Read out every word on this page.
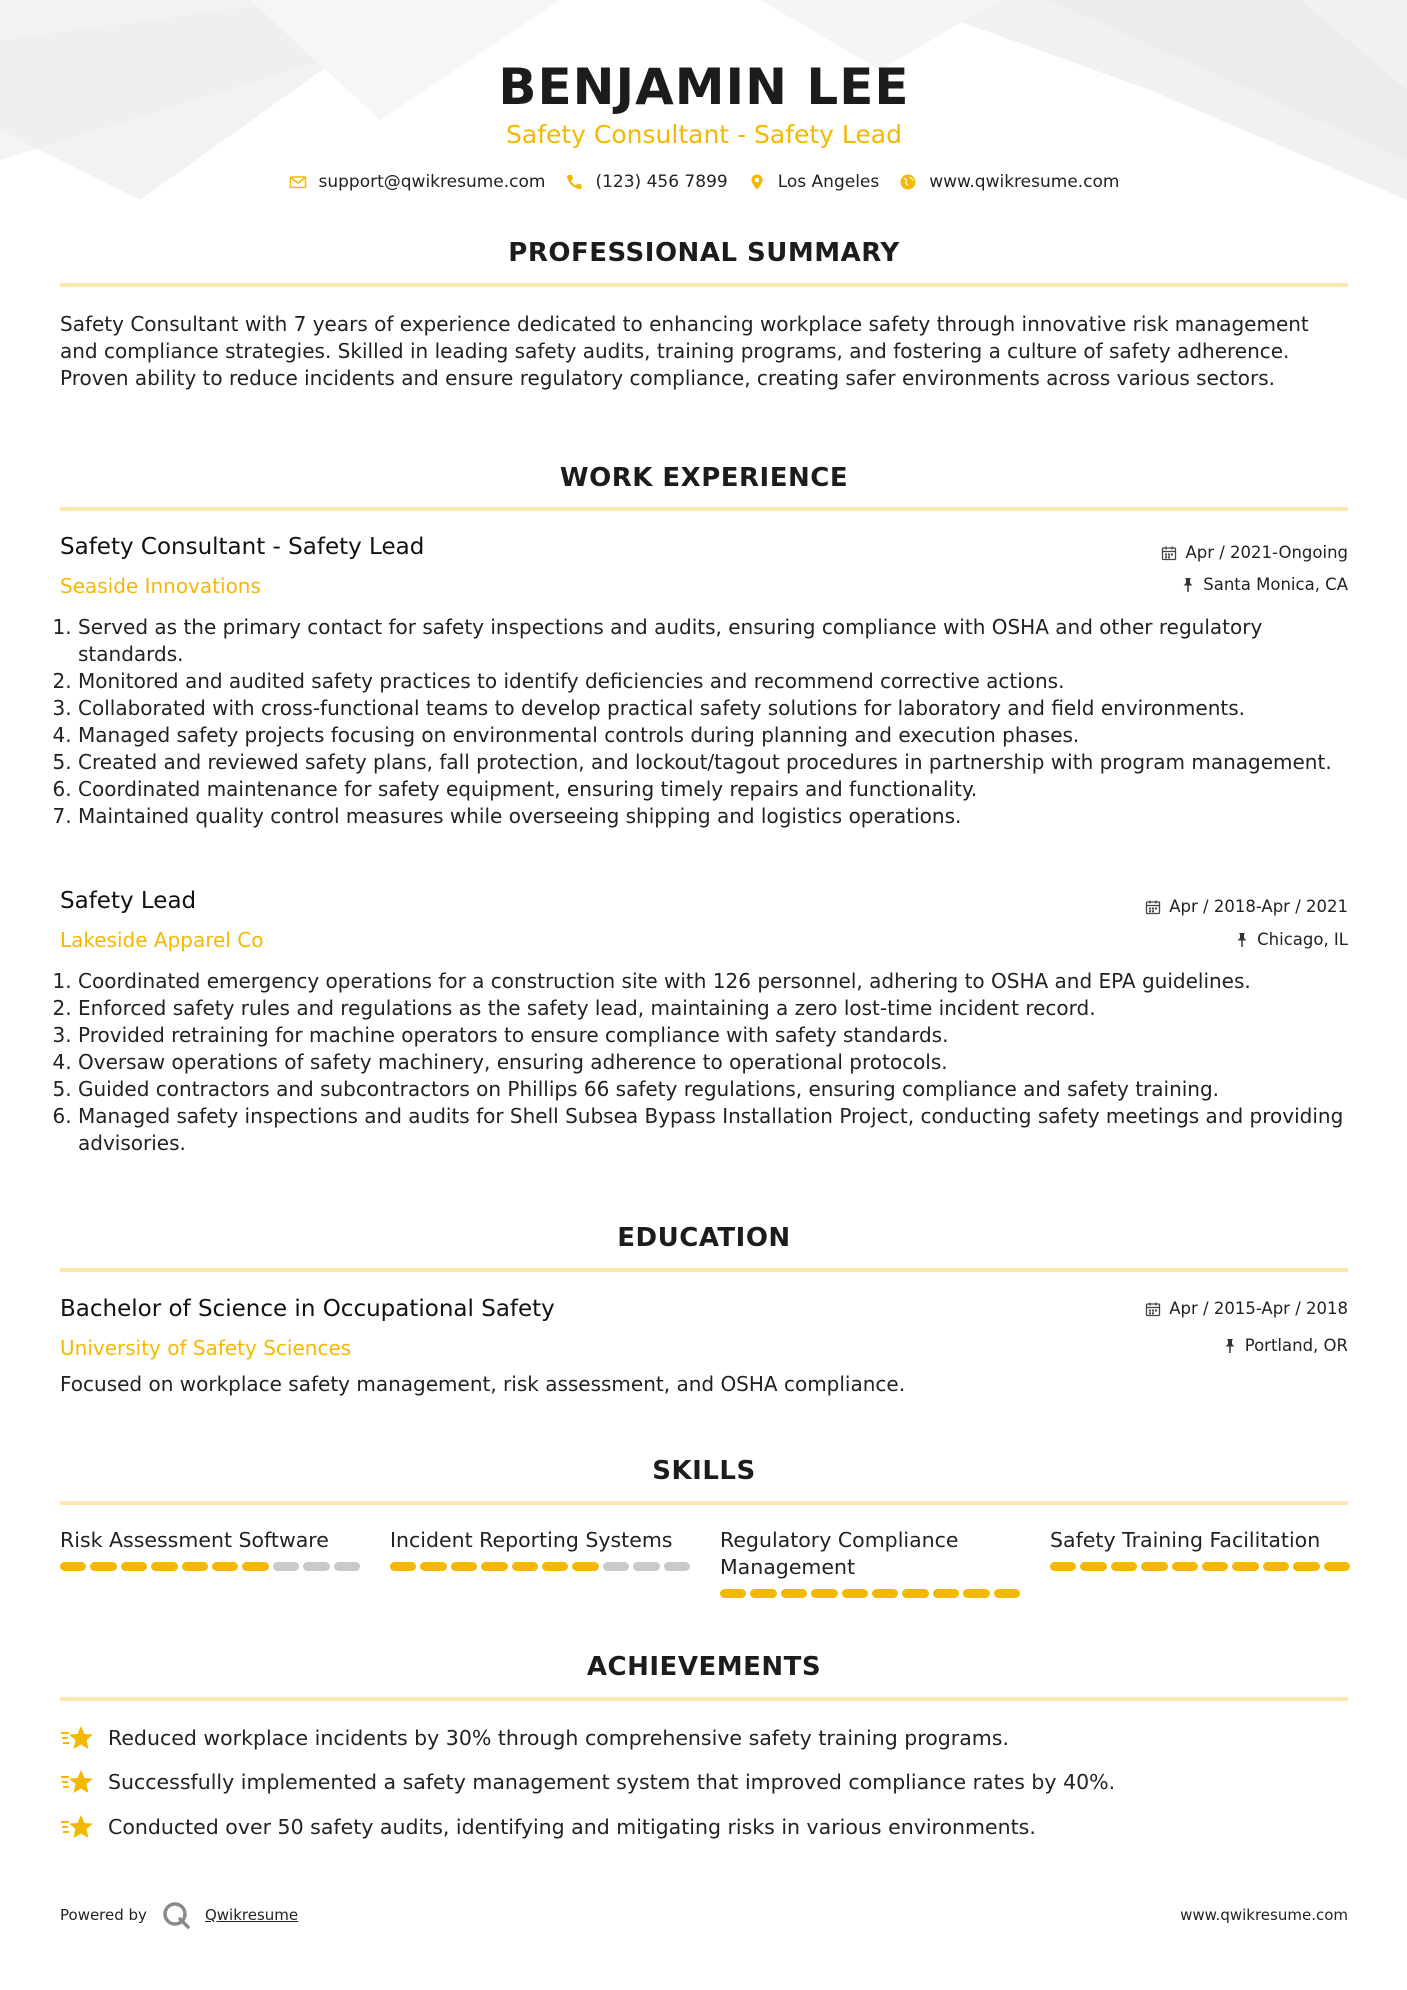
BENJAMIN LEE
Safety Consultant - Safety Lead
support@qwikresume.com	(123) 456 7899	Los Angeles	www.qwikresume.com
PROFESSIONAL SUMMARY
Safety Consultant with 7 years of experience dedicated to enhancing workplace safety through innovative risk management and compliance strategies. Skilled in leading safety audits, training programs, and fostering a culture of safety adherence. Proven ability to reduce incidents and ensure regulatory compliance, creating safer environments across various sectors.
WORK EXPERIENCE
Safety Consultant - Safety Lead
Seaside Innovations
Apr / 2021-Ongoing
Santa Monica, CA
1. Served as the primary contact for safety inspections and audits, ensuring compliance with OSHA and other regulatory standards.
2. Monitored and audited safety practices to identify deficiencies and recommend corrective actions.
3. Collaborated with cross-functional teams to develop practical safety solutions for laboratory and field environments.
4. Managed safety projects focusing on environmental controls during planning and execution phases.
5. Created and reviewed safety plans, fall protection, and lockout/tagout procedures in partnership with program management.
6. Coordinated maintenance for safety equipment, ensuring timely repairs and functionality.
7. Maintained quality control measures while overseeing shipping and logistics operations.
Safety Lead
Lakeside Apparel Co
Apr / 2018-Apr / 2021
Chicago, IL
1. Coordinated emergency operations for a construction site with 126 personnel, adhering to OSHA and EPA guidelines.
2. Enforced safety rules and regulations as the safety lead, maintaining a zero lost-time incident record.
3. Provided retraining for machine operators to ensure compliance with safety standards.
4. Oversaw operations of safety machinery, ensuring adherence to operational protocols.
5. Guided contractors and subcontractors on Phillips 66 safety regulations, ensuring compliance and safety training.
6. Managed safety inspections and audits for Shell Subsea Bypass Installation Project, conducting safety meetings and providing advisories.
EDUCATION
Bachelor of Science in Occupational Safety
University of Safety Sciences
Apr / 2015-Apr / 2018
Portland, OR
Focused on workplace safety management, risk assessment, and OSHA compliance.
SKILLS
Risk Assessment Software	Incident Reporting Systems	Regulatory Compliance Management
Safety Training Facilitation
ACHIEVEMENTS
Reduced workplace incidents by 30% through comprehensive safety training programs.
Successfully implemented a safety management system that improved compliance rates by 40%.
Conducted over 50 safety audits, identifying and mitigating risks in various environments.
Powered by	Qwikresume	www.qwikresume.com
